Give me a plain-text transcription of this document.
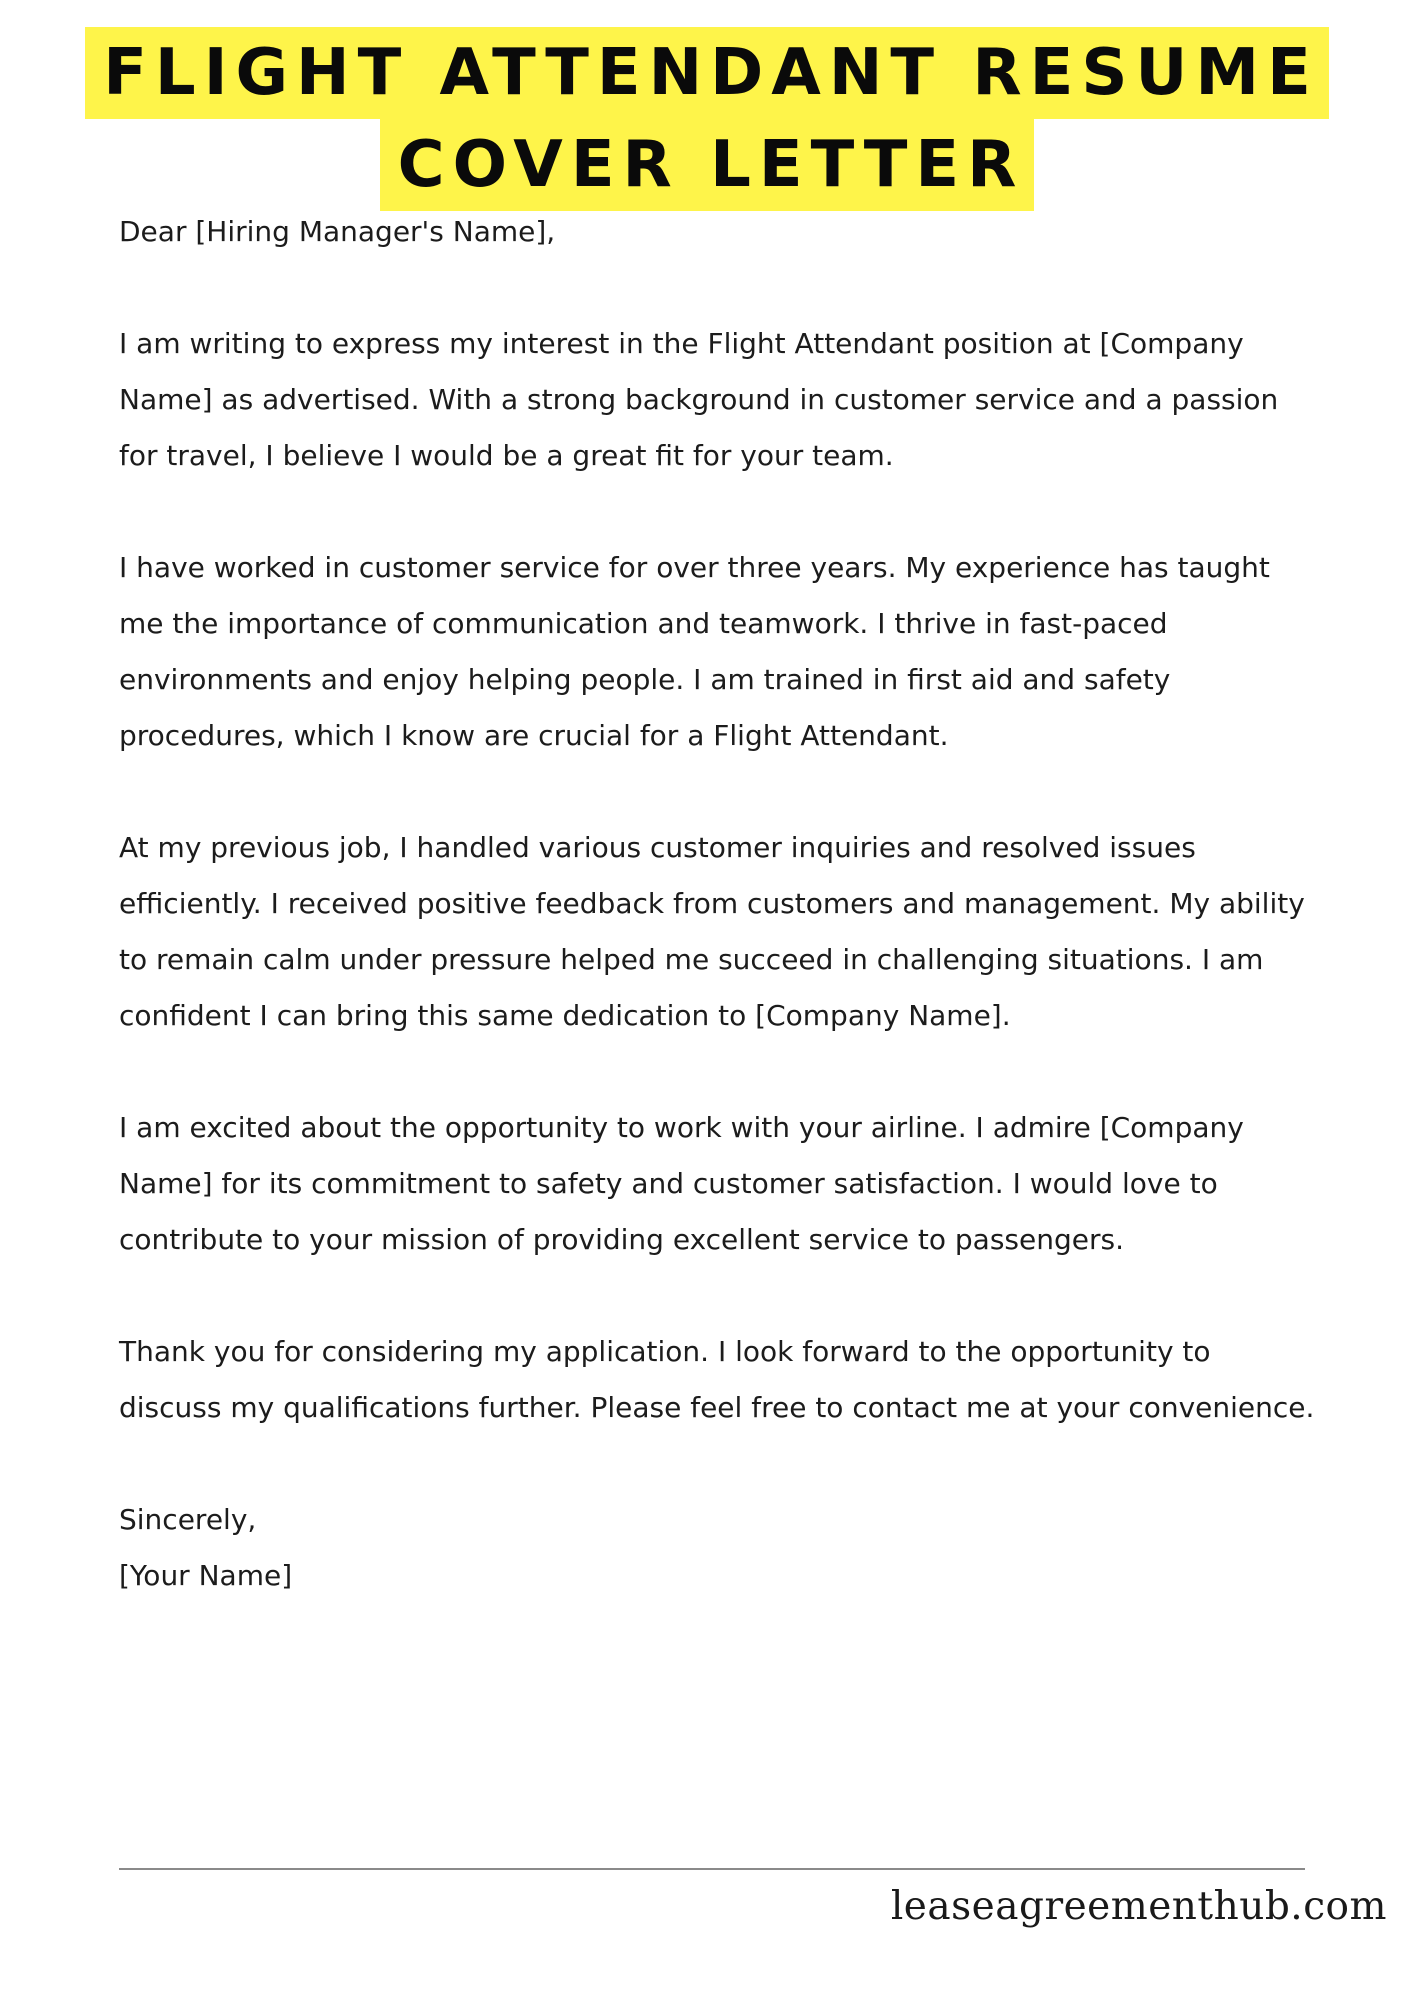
FLIGHT ATTENDANT RESUME
COVER LETTER

Dear [Hiring Manager's Name],

I am writing to express my interest in the Flight Attendant position at [Company Name] as advertised. With a strong background in customer service and a passion for travel, I believe I would be a great fit for your team.

I have worked in customer service for over three years. My experience has taught me the importance of communication and teamwork. I thrive in fast-paced environments and enjoy helping people. I am trained in first aid and safety procedures, which I know are crucial for a Flight Attendant.

At my previous job, I handled various customer inquiries and resolved issues efficiently. I received positive feedback from customers and management. My ability to remain calm under pressure helped me succeed in challenging situations. I am confident I can bring this same dedication to [Company Name].

I am excited about the opportunity to work with your airline. I admire [Company Name] for its commitment to safety and customer satisfaction. I would love to contribute to your mission of providing excellent service to passengers.

Thank you for considering my application. I look forward to the opportunity to discuss my qualifications further. Please feel free to contact me at your convenience.

Sincerely,

[Your Name]

leaseagreementhub.com
